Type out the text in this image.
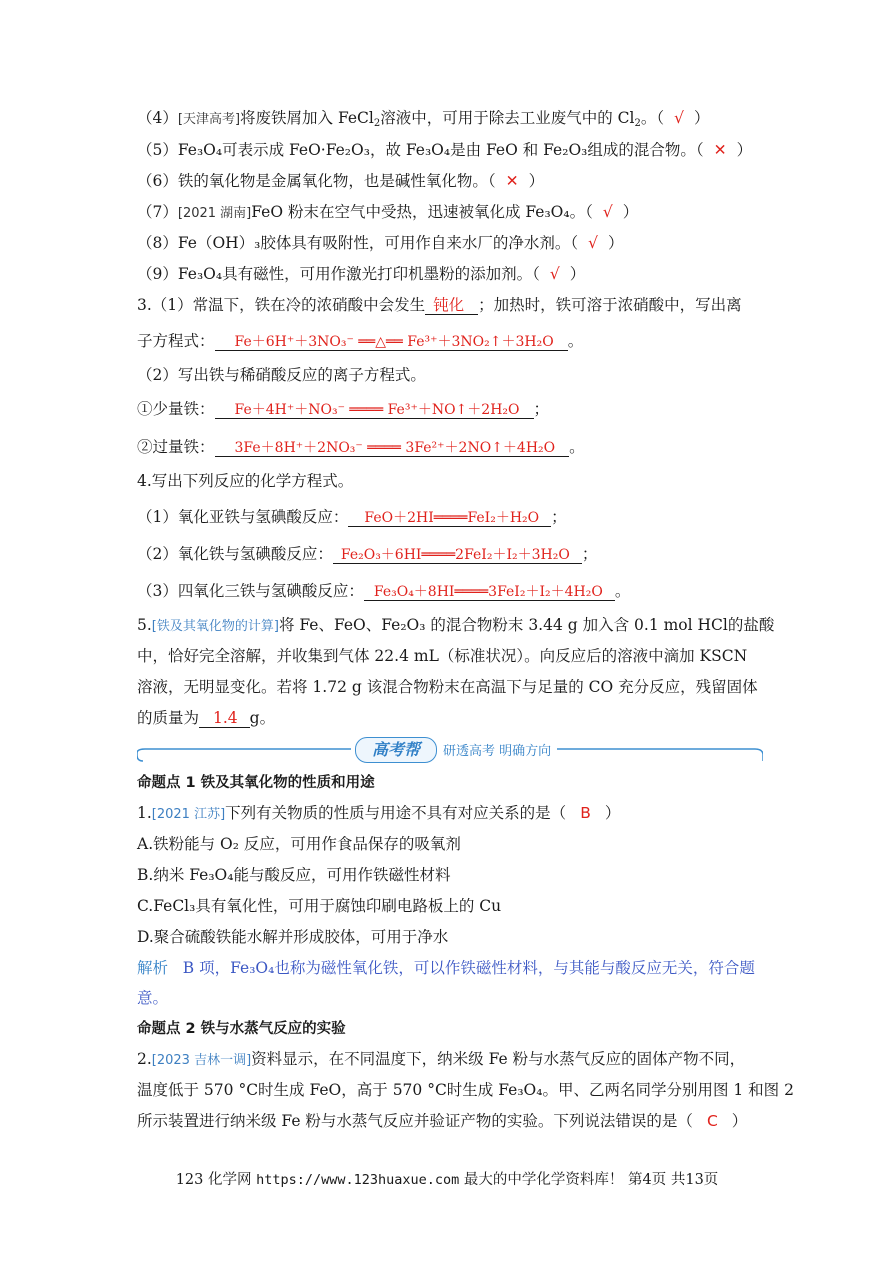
（4）[天津高考]将废铁屑加入 FeCl$_2$溶液中，可用于除去工业废气中的 $Cl_2$。（ √ ）
（5）Fe₃O₄可表示成 FeO·Fe₂O₃，故 Fe₃O₄是由 FeO 和 Fe₂O₃组成的混合物。（ ✕ ）
（6）铁的氧化物是金属氧化物，也是碱性氧化物。（ ✕ ）
（7）[2021 湖南]FeO 粉末在空气中受热，迅速被氧化成 Fe₃O₄。（ √ ）
（8）Fe（OH）₃胶体具有吸附性，可用作自来水厂的净水剂。（ √ ）
（9）Fe₃O₄具有磁性，可用作激光打印机墨粉的添加剂。（ √ ）
3.（1）常温下，铁在冷的浓硝酸中会发生 钝化 ；加热时，铁可溶于浓硝酸中，写出离
子方程式： Fe＋6H⁺＋3NO₃⁻ ══△══ Fe³⁺＋3NO₂↑＋3H₂O 。
（2）写出铁与稀硝酸反应的离子方程式。
①少量铁： Fe＋4H⁺＋NO₃⁻ ════ Fe³⁺＋NO↑＋2H₂O ；
②过量铁： 3Fe＋8H⁺＋2NO₃⁻ ════ 3Fe²⁺＋2NO↑＋4H₂O 。
4.写出下列反应的化学方程式。
（1）氧化亚铁与氢碘酸反应： FeO＋2HI════FeI₂＋H₂O ；
（2）氧化铁与氢碘酸反应： Fe₂O₃＋6HI════2FeI₂＋I₂＋3H₂O ；
（3）四氧化三铁与氢碘酸反应： Fe₃O₄＋8HI════3FeI₂＋I₂＋4H₂O 。
5.[铁及其氧化物的计算]将 Fe、FeO、Fe₂O₃ 的混合物粉末 3.44 g 加入含 0.1 mol HCl的盐酸
中，恰好完全溶解，并收集到气体 22.4 mL（标准状况）。向反应后的溶液中滴加 KSCN
溶液，无明显变化。若将 1.72 g 该混合物粉末在高温下与足量的 CO 充分反应，残留固体
的质量为 1.4 g。
高考帮	研透高考 明确方向
命题点 1 铁及其氧化物的性质和用途
1.[2021 江苏]下列有关物质的性质与用途不具有对应关系的是（ B ）
A.铁粉能与 O₂ 反应，可用作食品保存的吸氧剂
B.纳米 Fe₃O₄能与酸反应，可用作铁磁性材料
C.FeCl₃具有氧化性，可用于腐蚀印刷电路板上的 Cu
D.聚合硫酸铁能水解并形成胶体，可用于净水
解析 B 项，Fe₃O₄也称为磁性氧化铁，可以作铁磁性材料，与其能与酸反应无关，符合题
意。
命题点 2 铁与水蒸气反应的实验
2.[2023 吉林一调]资料显示，在不同温度下，纳米级 Fe 粉与水蒸气反应的固体产物不同，
温度低于 570 °C时生成 FeO，高于 570 °C时生成 Fe₃O₄。甲、乙两名同学分别用图 1 和图 2
所示装置进行纳米级 Fe 粉与水蒸气反应并验证产物的实验。下列说法错误的是（ C ）
123 化学网 https://www.123huaxue.com 最大的中学化学资料库！ 第4页 共13页
